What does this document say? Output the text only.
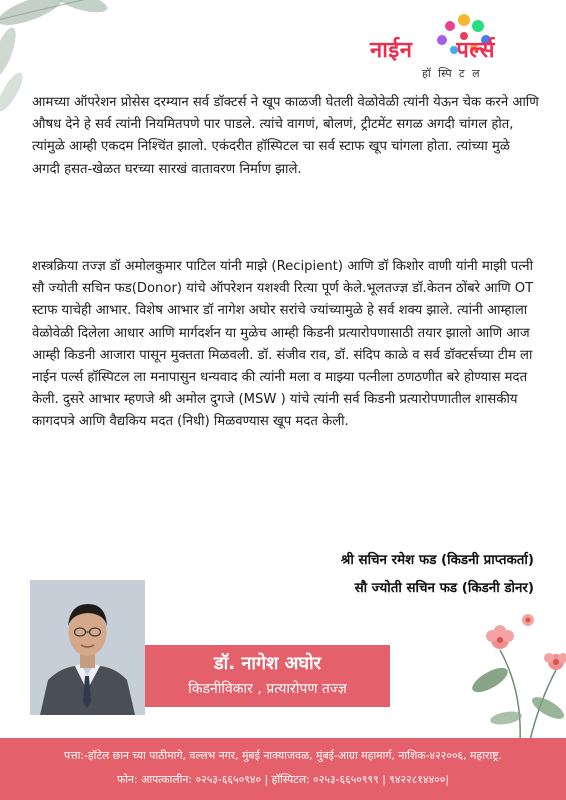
नाईन पर्ल्स
हॉ स्पि ट ल

आमच्या ऑपरेशन प्रोसेस दरम्यान सर्व डॉक्टर्स ने खूप काळजी घेतली वेळोवेळी त्यांनी येऊन चेक करने आणि औषध देने हे सर्व त्यांनी नियमितपणे पार पाडले. त्यांचे वागणं, बोलणं, ट्रीटमेंट सगळ अगदी चांगल होत, त्यांमुळे आम्ही एकदम निश्चिंत झालो. एकंदरीत हॉस्पिटल चा सर्व स्टाफ खूप चांगला होता. त्यांच्या मुळे अगदी हसत-खेळत घरच्या सारखं वातावरण निर्माण झाले.

शस्त्रक्रिया तज्ज्ञ डॉ अमोलकुमार पाटिल यांनी माझे (Recipient) आणि डॉ किशोर वाणी यांनी माझी पत्नी सौ ज्योती सचिन फड(Donor) यांचे ऑपरेशन यशश्वी रित्या पूर्ण केले.भूलतज्ज्ञ डॉ.केतन ठोंबरे आणि OT स्टाफ याचेही आभार. विशेष आभार डॉ नागेश अघोर सरांचे ज्यांच्यामुळे हे सर्व शक्य झाले. त्यांनी आम्हाला वेळोवेळी दिलेला आधार आणि मार्गदर्शन या मुळेच आम्ही किडनी प्रत्यारोपणासाठी तयार झालो आणि आज आम्ही किडनी आजारा पासून मुक्तता मिळवली. डॉ. संजीव राव, डॉ. संदिप काळे व सर्व डॉक्टर्सच्या टीम ला नाईन पर्ल्स हॉस्पिटल ला मनापासुन धन्यवाद की त्यांनी मला व माझ्या पत्नीला ठणठणीत बरे होण्यास मदत केली. दुसरे आभार म्हणजे श्री अमोल दुगजे (MSW ) यांचे त्यांनी सर्व किडनी प्रत्यारोपणातील शासकीय कागदपत्रे आणि वैद्यकिय मदत (निधी) मिळवण्यास खूप मदत केली.

श्री सचिन रमेश फड (किडनी प्राप्तकर्ता)
सौ ज्योती सचिन फड (किडनी डोनर)
डॉ. नागेश अघोर
किडनीविकार , प्रत्यारोपण तज्ज्ञ
पत्ता:-हॉटेल छान च्या पाठीमागे, वल्लभ नगर, मुंबई नाक्याजवळ, मुंबई-आग्रा महामार्ग, नाशिक-४२२००६, महाराष्ट्र.
फोन: आपत्कालीन: ०२५३-६६५०९४० | हॉस्पिटल: ०२५३-६६५०९९९ | ९४२२८१४४००|
